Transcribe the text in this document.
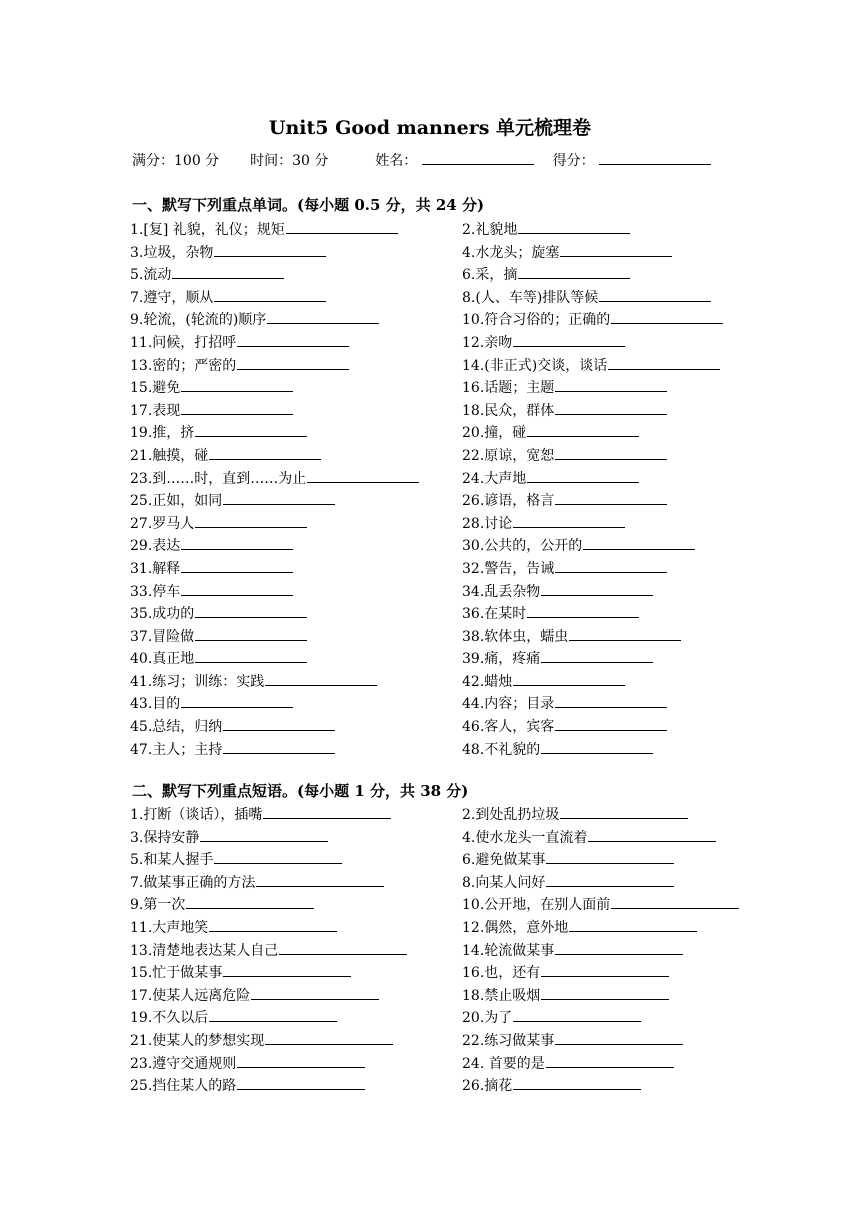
Unit5 Good manners 单元梳理卷
满分：100 分 时间：30 分	姓名：	得分：
一、默写下列重点单词。(每小题 0.5 分，共 24 分)
1.[复] 礼貌，礼仪；规矩	2.礼貌地
3.垃圾，杂物	4.水龙头；旋塞
5.流动	6.采，摘
7.遵守，顺从	8.(人、车等)排队等候
9.轮流，(轮流的)顺序	10.符合习俗的；正确的
11.问候，打招呼	12.亲吻
13.密的；严密的	14.(非正式)交谈，谈话
15.避免	16.话题；主题
17.表现	18.民众，群体
19.推，挤	20.撞，碰
21.触摸，碰	22.原谅，宽恕
23.到……时，直到……为止	24.大声地
25.正如，如同	26.谚语，格言
27.罗马人	28.讨论
29.表达	30.公共的，公开的
31.解释	32.警告，告诫
33.停车	34.乱丢杂物
35.成功的	36.在某时
37.冒险做	38.软体虫，蠕虫
40.真正地	39.痛，疼痛
41.练习；训练：实践	42.蜡烛
43.目的	44.内容；目录
45.总结，归纳	46.客人，宾客
47.主人；主持	48.不礼貌的
二、默写下列重点短语。(每小题 1 分，共 38 分)
1.打断（谈话），插嘴	2.到处乱扔垃圾
3.保持安静	4.使水龙头一直流着
5.和某人握手	6.避免做某事
7.做某事正确的方法	8.向某人问好
9.第一次	10.公开地，在别人面前
11.大声地笑	12.偶然，意外地
13.清楚地表达某人自己	14.轮流做某事
15.忙于做某事	16.也，还有
17.使某人远离危险	18.禁止吸烟
19.不久以后	20.为了
21.使某人的梦想实现	22.练习做某事
23.遵守交通规则	24. 首要的是
25.挡住某人的路	26.摘花
